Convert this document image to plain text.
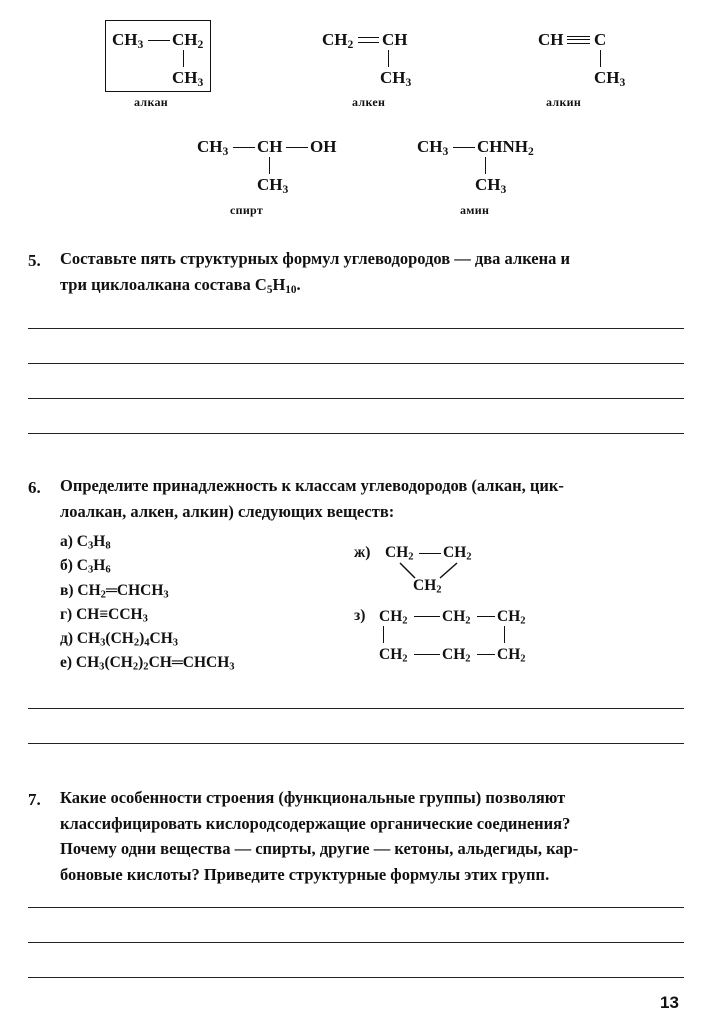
$CH_3$ $CH_2$
$CH_3$
алкан
$CH_2$ CH
$CH_3$
алкен
CH C
$CH_3$
алкин
$CH_3$ CH OH
$CH_3$
спирт
$CH_3$ $CHNH_2$
$CH_3$
амин
5. Составьте пять структурных формул углеводородов — два алкена и
три циклоалкана состава $C_5H_{10}$.
6. Определите принадлежность к классам углеводородов (алкан, цик-
лоалкан, алкен, алкин) следующих веществ:
а) $C_3H_8$
б) $C_3H_6$
в) $CH_2═CHCH_3$
г) $CH\equiv CCH_3$
д) $CH_3(CH_2)_4CH_3$
е) $CH_3(CH_2)_2CH═CHCH_3$
ж) $CH_2$ $CH_2$
$CH_2$
з) $CH_2$ $CH_2$ $CH_2$
$CH_2$ $CH_2$ $CH_2$
7. Какие особенности строения (функциональные группы) позволяют
классифицировать кислородсодержащие органические соединения?
Почему одни вещества — спирты, другие — кетоны, альдегиды, кар-
боновые кислоты? Приведите структурные формулы этих групп.
13
